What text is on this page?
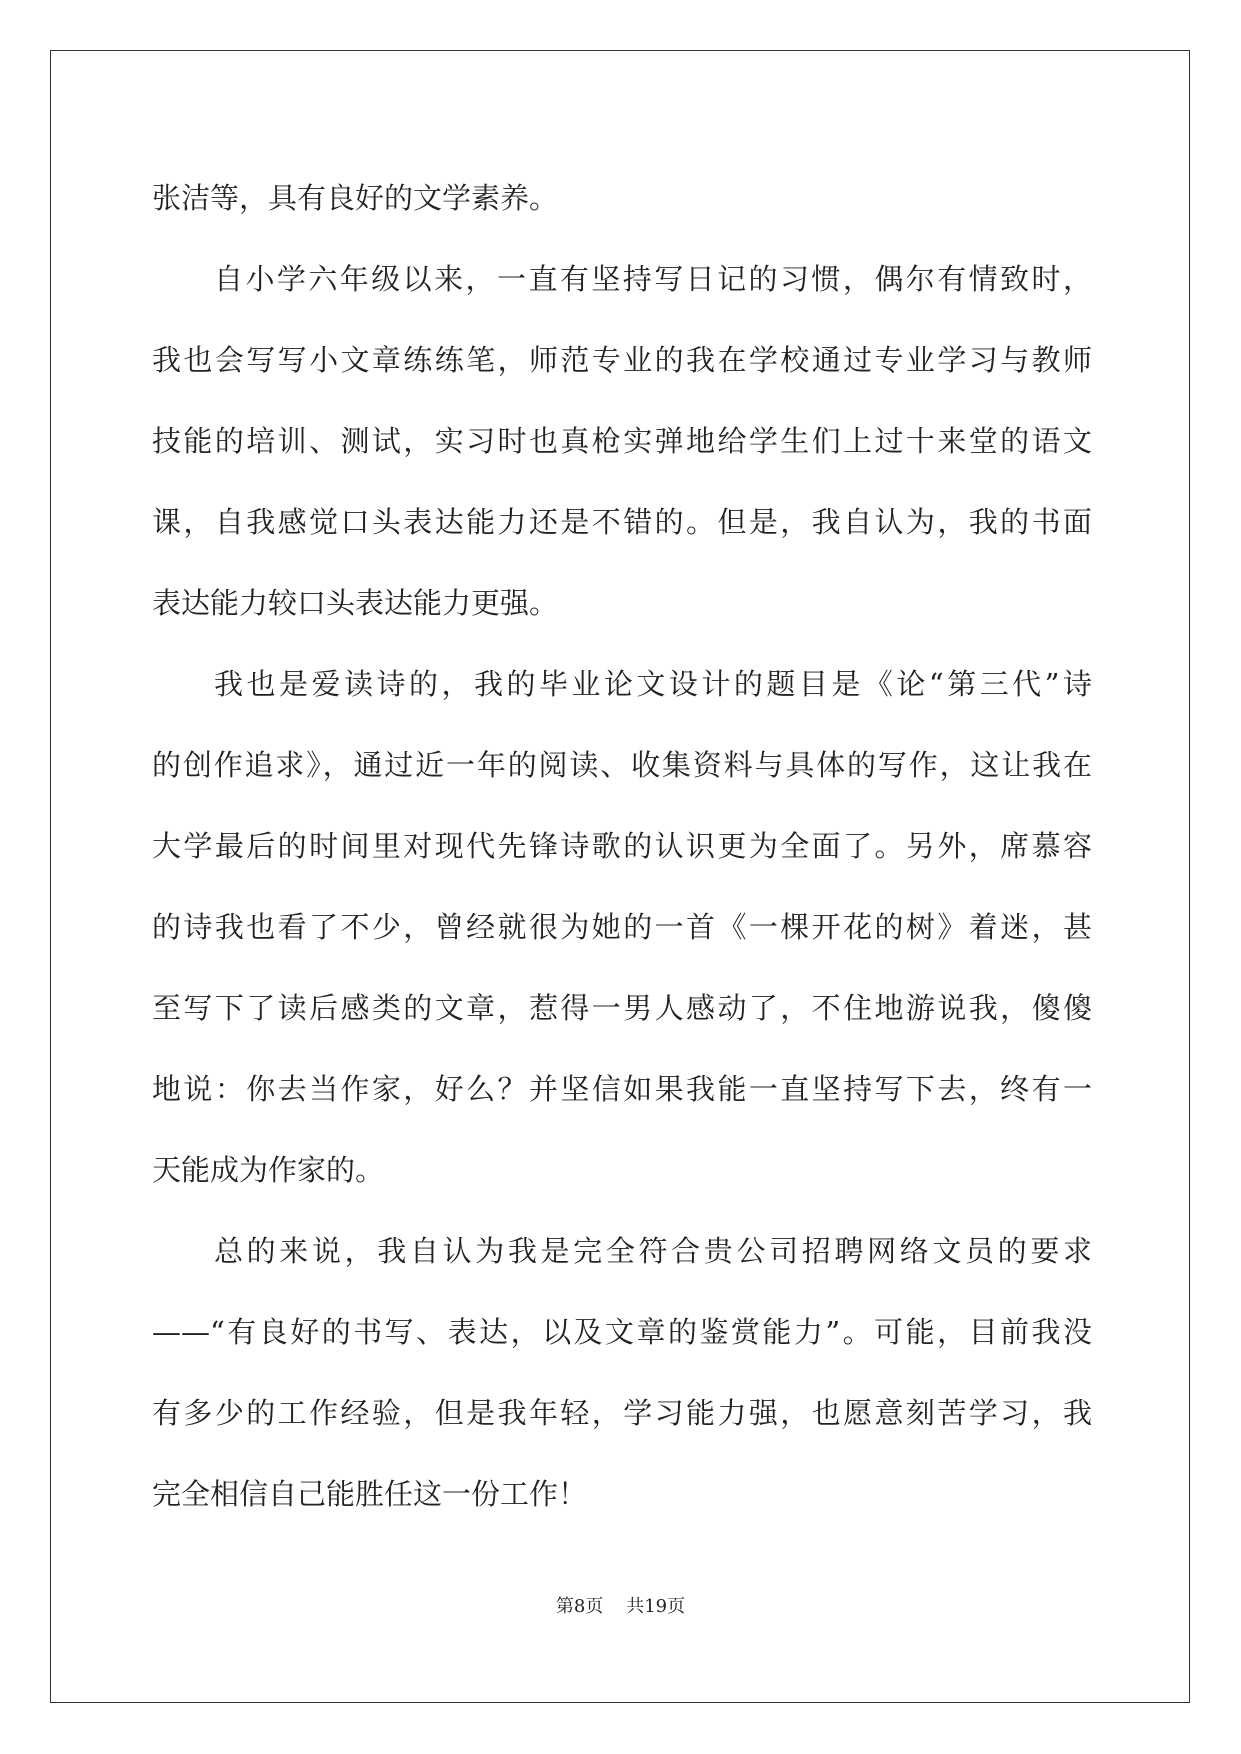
张洁等，具有良好的文学素养。
自小学六年级以来，一直有坚持写日记的习惯，偶尔有情致时，
我也会写写小文章练练笔，师范专业的我在学校通过专业学习与教师
技能的培训、测试，实习时也真枪实弹地给学生们上过十来堂的语文
课，自我感觉口头表达能力还是不错的。但是，我自认为，我的书面
表达能力较口头表达能力更强。
我也是爱读诗的，我的毕业论文设计的题目是《论“第三代”诗
的创作追求》，通过近一年的阅读、收集资料与具体的写作，这让我在
大学最后的时间里对现代先锋诗歌的认识更为全面了。另外，席慕容
的诗我也看了不少，曾经就很为她的一首《一棵开花的树》着迷，甚
至写下了读后感类的文章，惹得一男人感动了，不住地游说我，傻傻
地说：你去当作家，好么？并坚信如果我能一直坚持写下去，终有一
天能成为作家的。
总的来说，我自认为我是完全符合贵公司招聘网络文员的要求
——“有良好的书写、表达，以及文章的鉴赏能力”。可能，目前我没
有多少的工作经验，但是我年轻，学习能力强，也愿意刻苦学习，我
完全相信自己能胜任这一份工作！
第8页 共19页
